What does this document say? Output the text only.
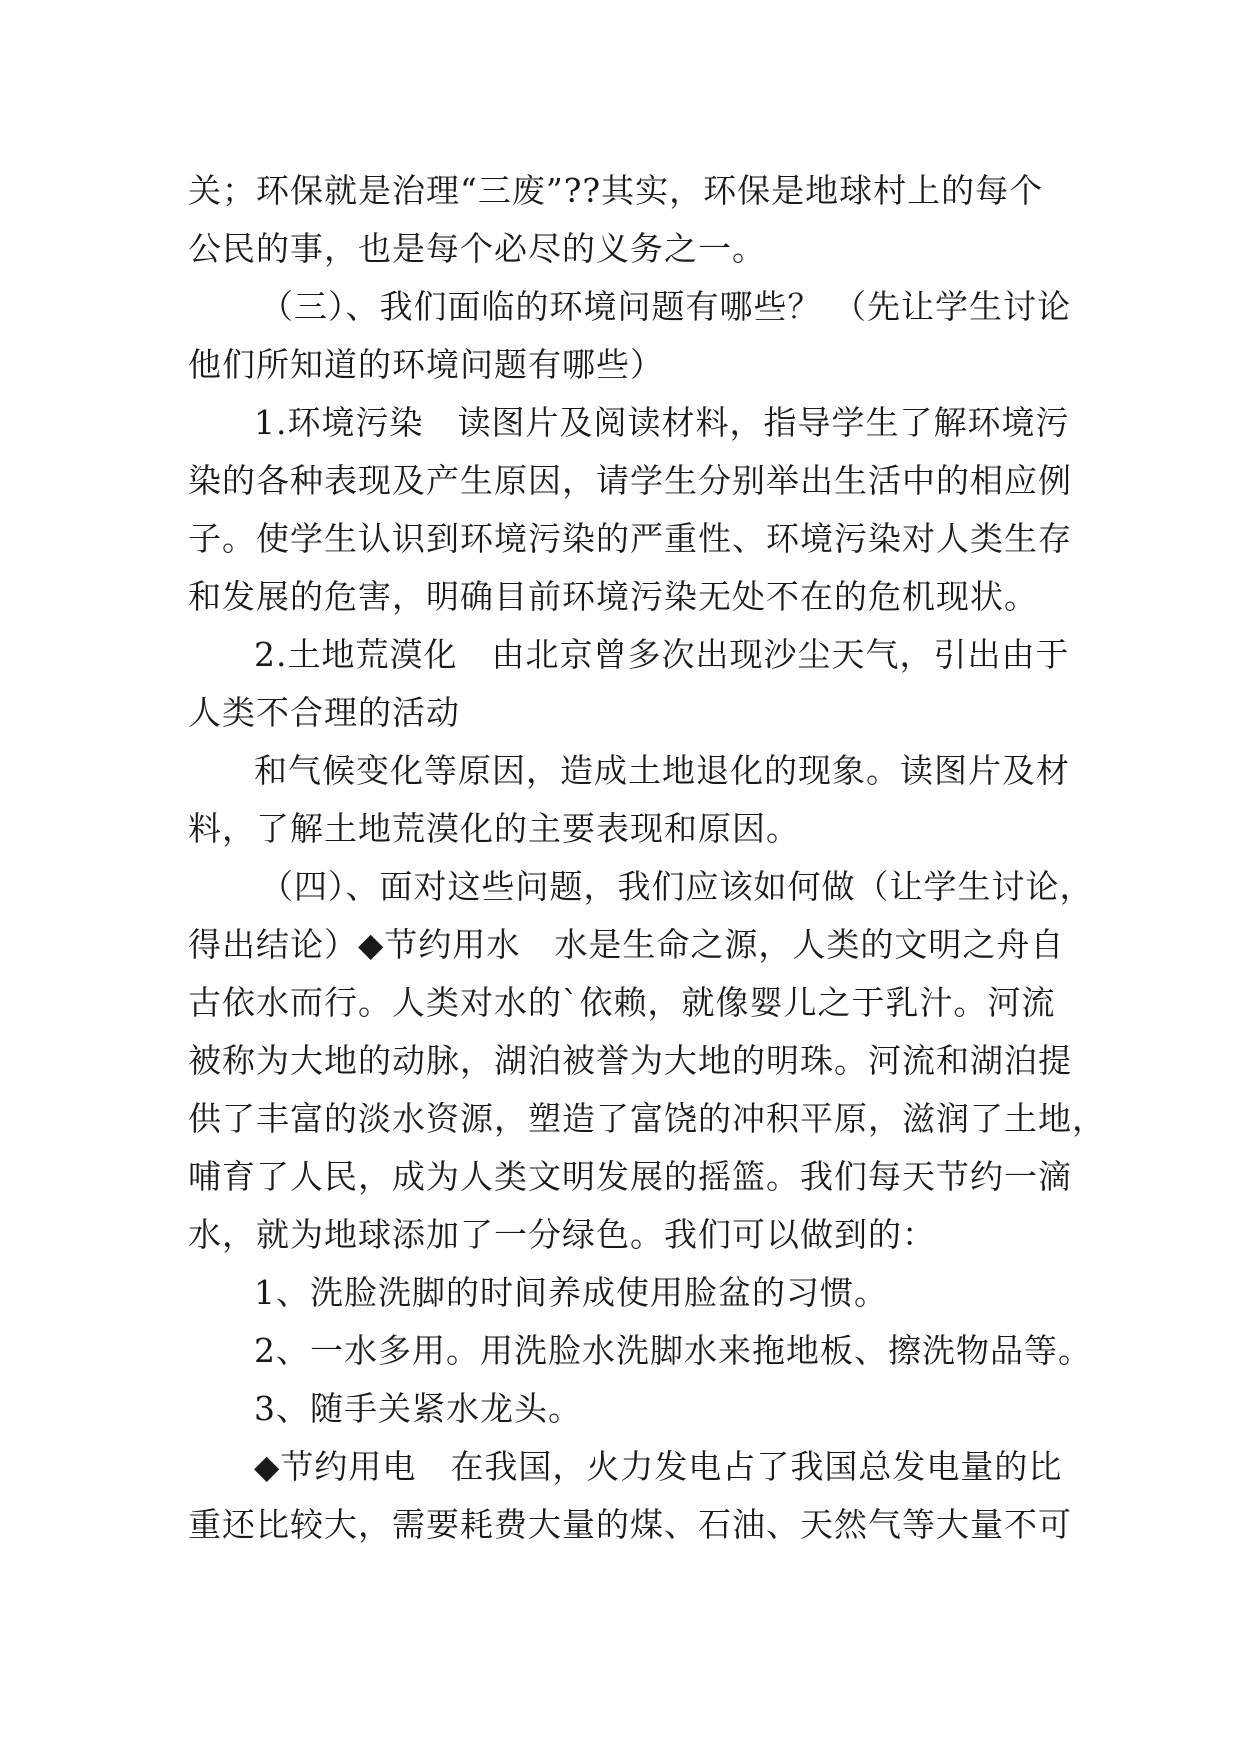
关；环保就是治理“三废”??其实，环保是地球村上的每个
公民的事，也是每个必尽的义务之一。
（三）、我们面临的环境问题有哪些？ （先让学生讨论
他们所知道的环境问题有哪些）
1.环境污染　读图片及阅读材料，指导学生了解环境污
染的各种表现及产生原因，请学生分别举出生活中的相应例
子。使学生认识到环境污染的严重性、环境污染对人类生存
和发展的危害，明确目前环境污染无处不在的危机现状。
2.土地荒漠化　由北京曾多次出现沙尘天气，引出由于
人类不合理的活动
和气候变化等原因，造成土地退化的现象。读图片及材
料，了解土地荒漠化的主要表现和原因。
（四）、面对这些问题，我们应该如何做（让学生讨论，
得出结论）◆节约用水　水是生命之源，人类的文明之舟自
古依水而行。人类对水的`依赖，就像婴儿之于乳汁。河流
被称为大地的动脉，湖泊被誉为大地的明珠。河流和湖泊提
供了丰富的淡水资源，塑造了富饶的冲积平原，滋润了土地，
哺育了人民，成为人类文明发展的摇篮。我们每天节约一滴
水，就为地球添加了一分绿色。我们可以做到的：
1、洗脸洗脚的时间养成使用脸盆的习惯。
2、一水多用。用洗脸水洗脚水来拖地板、擦洗物品等。
3、随手关紧水龙头。
◆节约用电　在我国，火力发电占了我国总发电量的比
重还比较大，需要耗费大量的煤、石油、天然气等大量不可
